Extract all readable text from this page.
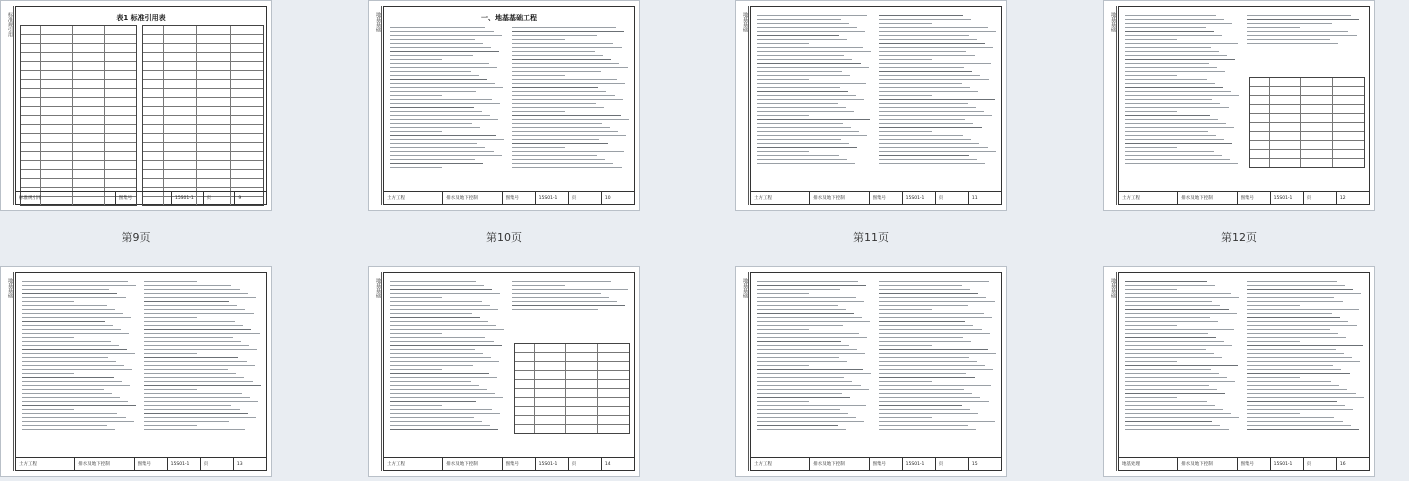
标准规引用	表1 标准引用表
标准规引用	图集号	15S01-1	页	9
第9页
地基基础	一、地基基础工程
土方工程	排水及地下控制	图集号	15S01-1	页	10
第10页
地基基础
土方工程	排水及地下控制	图集号	15S01-1	页	11
第11页
地基基础
土方工程	排水及地下控制	图集号	15S01-1	页	12
第12页
地基基础
土方工程	排水及地下控制	图集号	15S01-1	页	13
地基基础
土方工程	排水及地下控制	图集号	15S01-1	页	14
地基基础
土方工程	排水及地下控制	图集号	15S01-1	页	15
地基基础
地基处理	排水及地下控制	图集号	15S01-1	页	16
